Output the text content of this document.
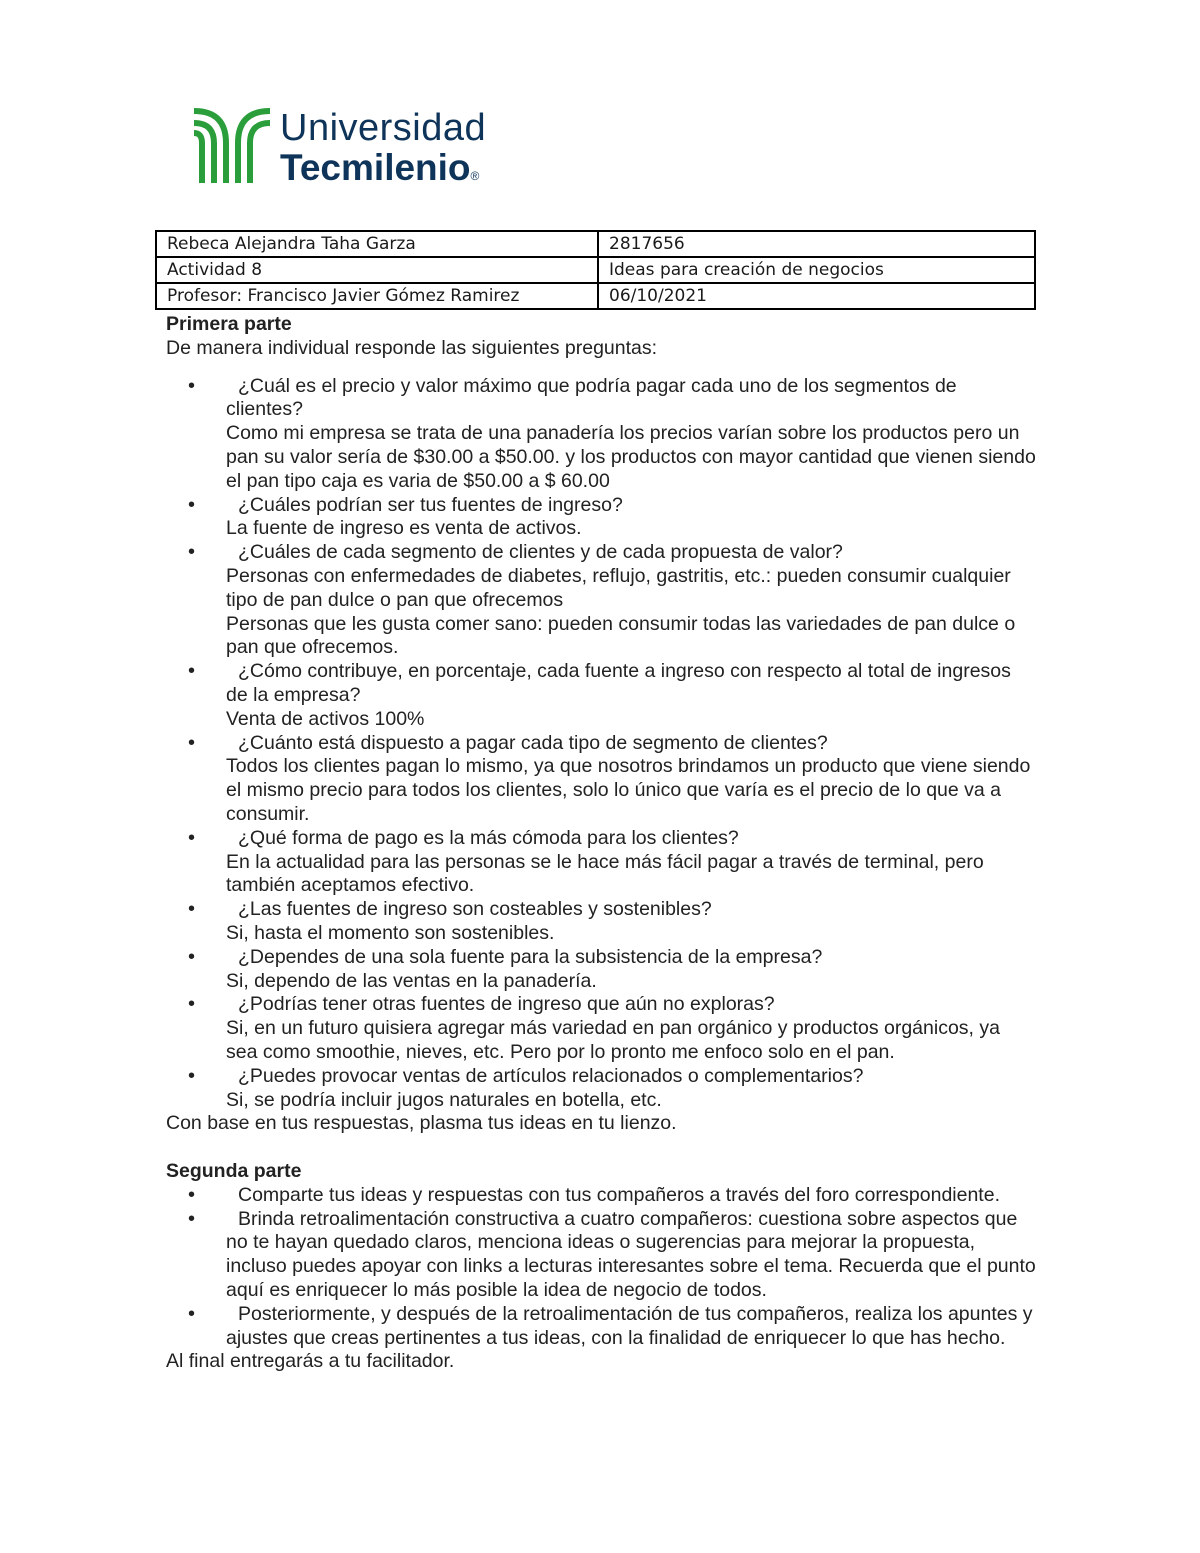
Universidad
Tecmilenio®
Rebeca Alejandra Taha Garza	2817656
Actividad 8	Ideas para creación de negocios
Profesor: Francisco Javier Gómez Ramirez	06/10/2021

Primera parte

De manera individual responde las siguientes preguntas:

•	¿Cuál es el precio y valor máximo que podría pagar cada uno de los segmentos de clientes?
Como mi empresa se trata de una panadería los precios varían sobre los productos pero un pan su valor sería de $30.00 a $50.00. y los productos con mayor cantidad que vienen siendo el pan tipo caja es varia de $50.00 a $ 60.00
•	¿Cuáles podrían ser tus fuentes de ingreso?
La fuente de ingreso es venta de activos.
•	¿Cuáles de cada segmento de clientes y de cada propuesta de valor?
Personas con enfermedades de diabetes, reflujo, gastritis, etc.: pueden consumir cualquier tipo de pan dulce o pan que ofrecemos
Personas que les gusta comer sano: pueden consumir todas las variedades de pan dulce o pan que ofrecemos.
•	¿Cómo contribuye, en porcentaje, cada fuente a ingreso con respecto al total de ingresos de la empresa?
Venta de activos 100%
•	¿Cuánto está dispuesto a pagar cada tipo de segmento de clientes?
Todos los clientes pagan lo mismo, ya que nosotros brindamos un producto que viene siendo el mismo precio para todos los clientes, solo lo único que varía es el precio de lo que va a consumir.
•	¿Qué forma de pago es la más cómoda para los clientes?
En la actualidad para las personas se le hace más fácil pagar a través de terminal, pero también aceptamos efectivo.
•	¿Las fuentes de ingreso son costeables y sostenibles?
Si, hasta el momento son sostenibles.
•	¿Dependes de una sola fuente para la subsistencia de la empresa?
Si, dependo de las ventas en la panadería.
•	¿Podrías tener otras fuentes de ingreso que aún no exploras?
Si, en un futuro quisiera agregar más variedad en pan orgánico y productos orgánicos, ya sea como smoothie, nieves, etc. Pero por lo pronto me enfoco solo en el pan.
•	¿Puedes provocar ventas de artículos relacionados o complementarios?
Si, se podría incluir jugos naturales en botella, etc.

Con base en tus respuestas, plasma tus ideas en tu lienzo.

Segunda parte

•	Comparte tus ideas y respuestas con tus compañeros a través del foro correspondiente.
•	Brinda retroalimentación constructiva a cuatro compañeros: cuestiona sobre aspectos que no te hayan quedado claros, menciona ideas o sugerencias para mejorar la propuesta, incluso puedes apoyar con links a lecturas interesantes sobre el tema. Recuerda que el punto aquí es enriquecer lo más posible la idea de negocio de todos.
•	Posteriormente, y después de la retroalimentación de tus compañeros, realiza los apuntes y ajustes que creas pertinentes a tus ideas, con la finalidad de enriquecer lo que has hecho.

Al final entregarás a tu facilitador.
